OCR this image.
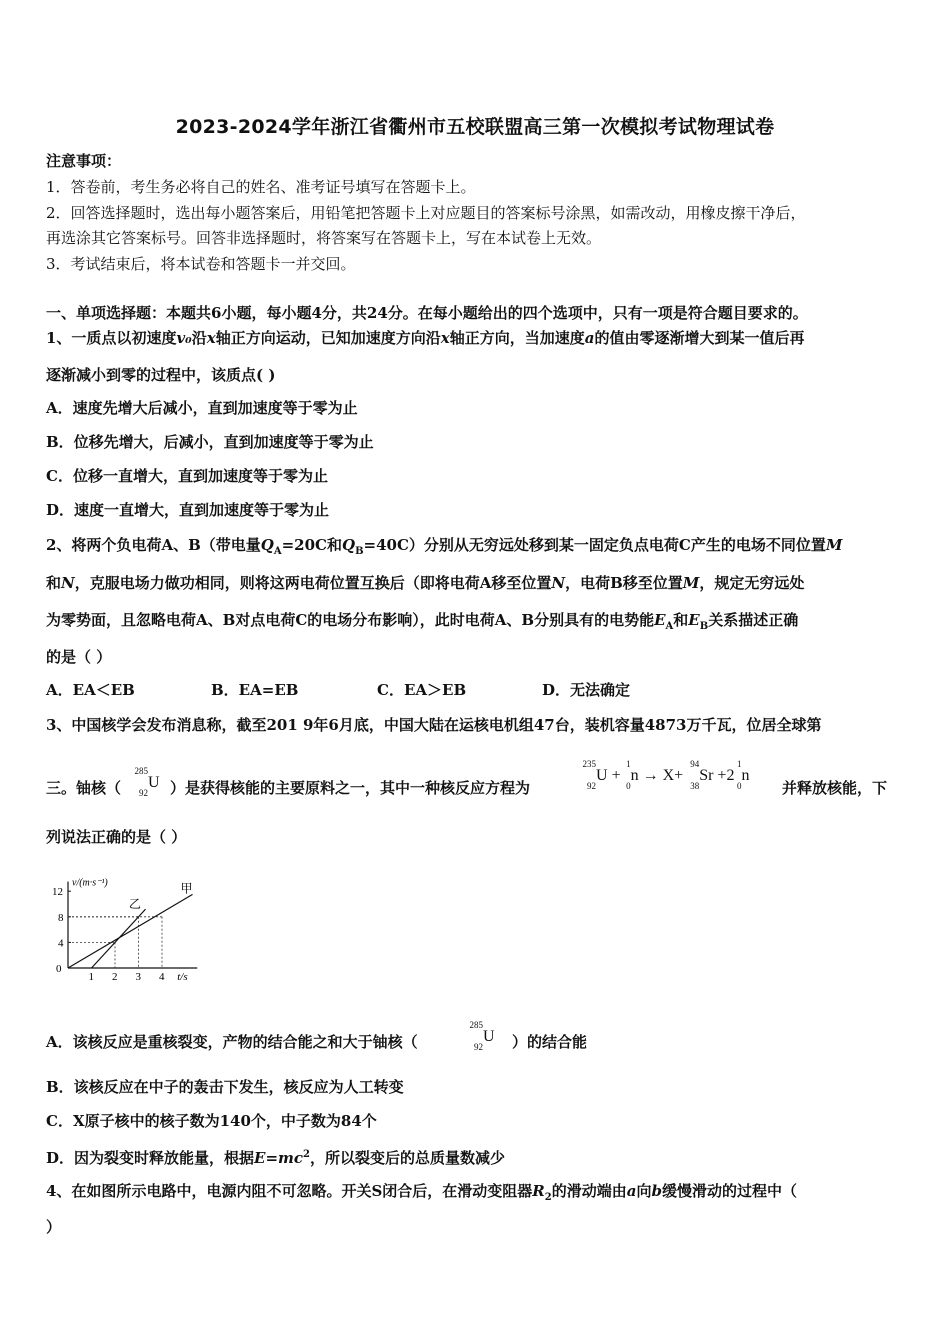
2023-2024学年浙江省衢州市五校联盟高三第一次模拟考试物理试卷
注意事项：
1．答卷前，考生务必将自己的姓名、准考证号填写在答题卡上。
2．回答选择题时，选出每小题答案后，用铅笔把答题卡上对应题目的答案标号涂黑，如需改动，用橡皮擦干净后，
再选涂其它答案标号。回答非选择题时，将答案写在答题卡上，写在本试卷上无效。
3．考试结束后，将本试卷和答题卡一并交回。
一、单项选择题：本题共6小题，每小题4分，共24分。在每小题给出的四个选项中，只有一项是符合题目要求的。
1、一质点以初速度v₀沿x轴正方向运动，已知加速度方向沿x轴正方向，当加速度a的值由零逐渐增大到某一值后再
逐渐减小到零的过程中，该质点( )
A．速度先增大后减小，直到加速度等于零为止
B．位移先增大，后减小，直到加速度等于零为止
C．位移一直增大，直到加速度等于零为止
D．速度一直增大，直到加速度等于零为止
2、将两个负电荷A、B（带电量$Q_A=20C$和$Q_B=40C$）分别从无穷远处移到某一固定负点电荷C产生的电场不同位置M
和N，克服电场力做功相同，则将这两电荷位置互换后（即将电荷A移至位置N，电荷B移至位置M，规定无穷远处
为零势面，且忽略电荷A、B对点电荷C的电场分布影响），此时电荷A、B分别具有的电势能$E_A$和$E_B$关系描述正确
的是（ ）
A．EA＜EB	B．EA=EB	C．EA＞EB	D．无法确定
3、中国核学会发布消息称，截至201 9年6月底，中国大陆在运核电机组47台，装机容量4873万千瓦，位居全球第
三。铀核（
285
92
U ）是获得核能的主要原料之一，其中一种核反应方程为
235
92
U +
1
0
n → X+
94
38
Sr +2
1
0
n
并释放核能，下
列说法正确的是（ ）
v/(m·s⁻¹)
t/s
0
1 2 3 4
4
8
12	甲
乙
A．该核反应是重核裂变，产物的结合能之和大于铀核（
285
92
U ）的结合能
B．该核反应在中子的轰击下发生，核反应为人工转变
C．X原子核中的核子数为140个，中子数为84个
D．因为裂变时释放能量，根据$E=mc^2$，所以裂变后的总质量数减少
4、在如图所示电路中，电源内阻不可忽略。开关S闭合后，在滑动变阻器$R_2$的滑动端由a向b缓慢滑动的过程中（
）
